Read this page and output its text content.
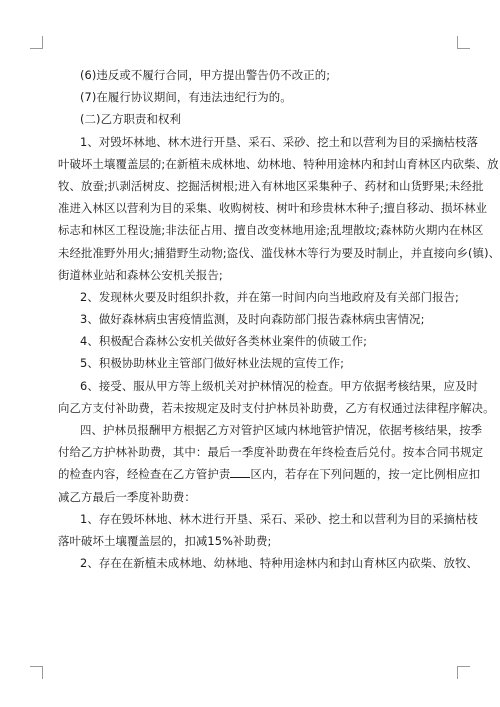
(6)违反或不履行合同，甲方提出警告仍不改正的;
(7)在履行协议期间，有违法违纪行为的。
(二)乙方职责和权利
1、对毁坏林地、林木进行开垦、采石、采砂、挖土和以营利为目的采摘枯枝落
叶破坏土壤覆盖层的;在新植未成林地、幼林地、特种用途林内和封山育林区内砍柴、放
牧、放蚕;扒剥活树皮、挖掘活树根;进入有林地区采集种子、药材和山货野果;未经批
准进入林区以营利为目的采集、收购树枝、树叶和珍贵林木种子;擅自移动、损坏林业
标志和林区工程设施;非法征占用、擅自改变林地用途;乱埋散坟;森林防火期内在林区
未经批准野外用火;捕猎野生动物;盗伐、滥伐林木等行为要及时制止，并直接向乡(镇)、
街道林业站和森林公安机关报告;
2、发现林火要及时组织扑救，并在第一时间内向当地政府及有关部门报告;
3、做好森林病虫害疫情监测，及时向森防部门报告森林病虫害情况;
4、积极配合森林公安机关做好各类林业案件的侦破工作;
5、积极协助林业主管部门做好林业法规的宣传工作;
6、接受、服从甲方等上级机关对护林情况的检查。甲方依据考核结果，应及时
向乙方支付补助费，若未按规定及时支付护林员补助费，乙方有权通过法律程序解决。
四、护林员报酬甲方根据乙方对管护区域内林地管护情况，依据考核结果，按季
付给乙方护林补助费，其中：最后一季度补助费在年终检查后兑付。按本合同书规定
的检查内容，经检查在乙方管护责 区内，若存在下列问题的，按一定比例相应扣
减乙方最后一季度补助费：
1、存在毁坏林地、林木进行开垦、采石、采砂、挖土和以营利为目的采摘枯枝
落叶破坏土壤覆盖层的，扣减15%补助费;
2、存在在新植未成林地、幼林地、特种用途林内和封山育林区内砍柴、放牧、
